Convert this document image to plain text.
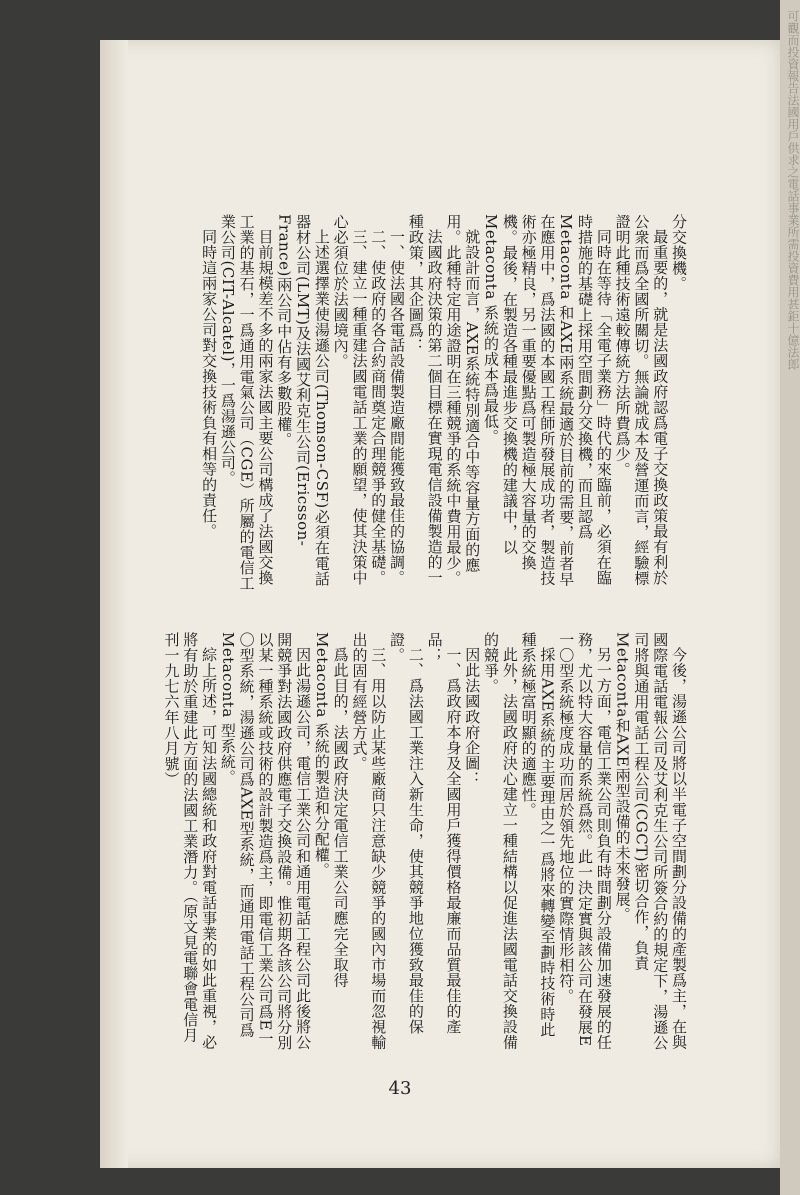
可觀而投資報告法國用戶供求之電話事業所需投資費用甚鉅十億法郎

分交換機。

最重要的，就是法國政府認爲電子交換政策最有利於公衆而爲全國所關切。無論就成本及營運而言，經驗標證明此種技術遠較傳統方法所費爲少。

同時在等待「全電子業務」時代的來臨前，必須在臨時措施的基礎上採用空間劃分交換機，而且認爲Metaconta 和AXE兩系統最適於目前的需要，前者早在應用中，爲法國的本國工程師所發展成功者，製造技術亦極精良，另一重要優點爲可製造極大容量的交換機。最後，在製造各種最進步交換機的建議中，以Metaconta 系統的成本爲最低。

就設計而言，AXE系統特別適合中等容量方面的應用。此種特定用途證明在三種競爭的系統中費用最少。

法國政府決策的第二個目標在實現電信設備製造的一種政策，其企圖爲：

一、使法國各電話設備製造廠間能獲致最佳的協調。

二、使政府的各合約商間奠定合理競爭的健全基礎。

三、建立一種重建法國電話工業的願望，使其決策中心必須位於法國境內。

上述選擇業使湯遜公司(Thomson-CSF)必須在電話器材公司(LMT)及法國艾利克生公司(Ericsson-France)兩公司中佔有多數股權。

目前規模差不多的兩家法國主要公司構成了法國交換工業的基石，一爲通用電氣公司（CGE）所屬的電信工業公司(CIT-Alcatel)，一爲湯遜公司。

同時這兩家公司對交換技術負有相等的責任。

今後，湯遜公司將以半電子空間劃分設備的產製爲主，在與國際電話電報公司及艾利克生公司所簽合約的規定下，湯遜公司將與通用電話工程公司(CGCT)密切合作，負責Metaconta和AXE兩型設備的未來發展。

另一方面，電信工業公司則負有時間劃分設備加速發展的任務，尤以特大容量的系統爲然。此一決定實與該公司在發展E一〇型系統極度成功而居於領先地位的實際情形相符。

採用AXE系統的主要理由之一爲將來轉變至劃時技術時此種系統極富明顯的適應性。

此外，法國政府決心建立一種結構以促進法國電話交換設備的競爭。

因此法國政府企圖：

一、爲政府本身及全國用戶獲得價格最廉而品質最佳的產品；

二、爲法國工業注入新生命，使其競爭地位獲致最佳的保證。

三、用以防止某些廠商只注意缺少競爭的國內市場而忽視輸出的固有經營方式。

爲此目的，法國政府決定電信工業公司應完全取得Metaconta 系統的製造和分配權。

因此湯遜公司，電信工業公司和通用電話工程公司此後將公開競爭對法國政府供應電子交換設備。惟初期各該公司將分別以某一種系統或技術的設計製造爲主，即電信工業公司爲E一〇型系統，湯遜公司爲AXE型系統，而通用電話工程公司爲Metaconta 型系統。

綜上所述，可知法國總統和政府對電話事業的如此重視，必將有助於重建此方面的法國工業潛力。（原文見電聯會電信月刊一九七六年八月號）

43
